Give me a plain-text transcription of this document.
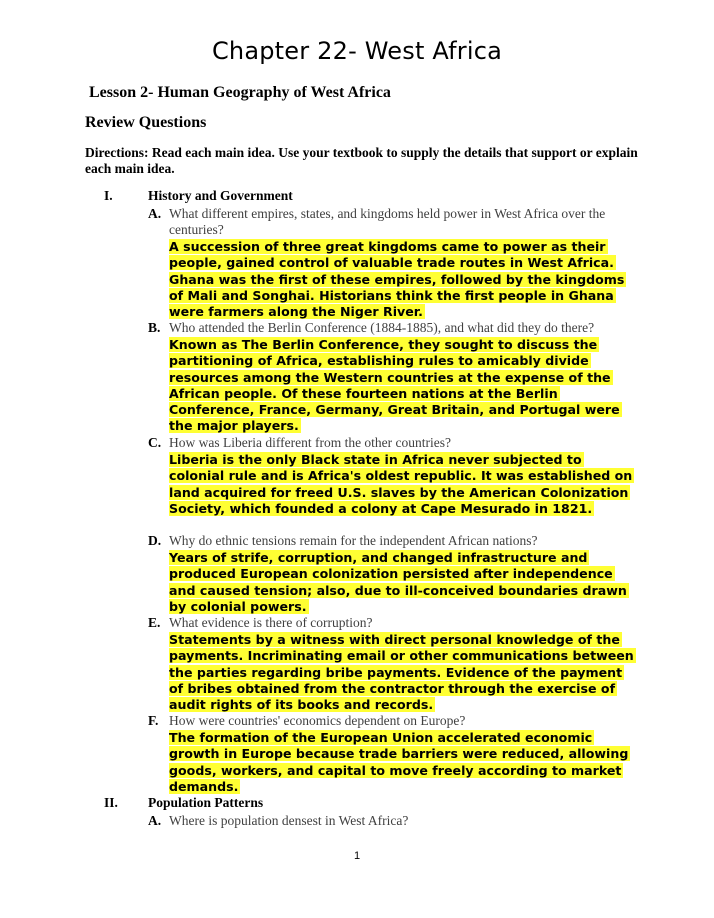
Chapter 22- West Africa
Lesson 2- Human Geography of West Africa
Review Questions
Directions: Read each main idea. Use your textbook to supply the details that support or explain each main idea.
I.	History and Government
A. What different empires, states, and kingdoms held power in West Africa over the centuries?
A succession of three great kingdoms came to power as their people, gained control of valuable trade routes in West Africa. Ghana was the first of these empires, followed by the kingdoms of Mali and Songhai. Historians think the first people in Ghana were farmers along the Niger River.
B. Who attended the Berlin Conference (1884-1885), and what did they do there?
Known as The Berlin Conference, they sought to discuss the partitioning of Africa, establishing rules to amicably divide resources among the Western countries at the expense of the African people. Of these fourteen nations at the Berlin Conference, France, Germany, Great Britain, and Portugal were the major players.
C. How was Liberia different from the other countries?
Liberia is the only Black state in Africa never subjected to colonial rule and is Africa's oldest republic. It was established on land acquired for freed U.S. slaves by the American Colonization Society, which founded a colony at Cape Mesurado in 1821.
D. Why do ethnic tensions remain for the independent African nations?
Years of strife, corruption, and changed infrastructure and produced European colonization persisted after independence and caused tension; also, due to ill-conceived boundaries drawn by colonial powers.
E. What evidence is there of corruption?
Statements by a witness with direct personal knowledge of the payments. Incriminating email or other communications between the parties regarding bribe payments. Evidence of the payment of bribes obtained from the contractor through the exercise of audit rights of its books and records.
F. How were countries' economics dependent on Europe?
The formation of the European Union accelerated economic growth in Europe because trade barriers were reduced, allowing goods, workers, and capital to move freely according to market demands.
II. Population Patterns
A. Where is population densest in West Africa?
1
